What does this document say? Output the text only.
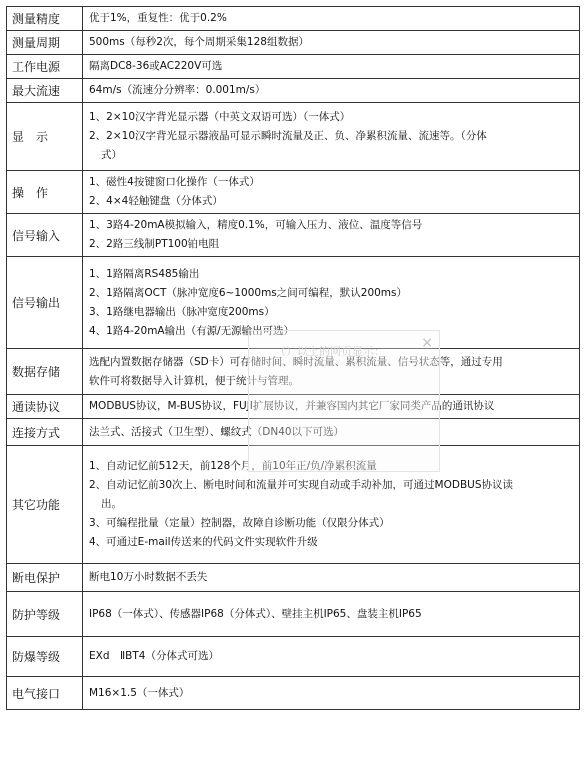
测量精度	优于1%，重复性：优于0.2%

测量周期	500ms（每秒2次，每个周期采集128组数据）

工作电源	隔离DC8-36或AC220V可选

最大流速	64m/s（流速分分辨率：0.001m/s）

显　示	1、2×10汉字背光显示器（中英文双语可选）（一体式）
2、2×10汉字背光显示器液晶可显示瞬时流量及正、负、净累积流量、流速等。（分体
式）

操　作	1、磁性4按键窗口化操作（一体式）
2、4×4轻触键盘（分体式）

信号输入	1、3路4-20mA模拟输入，精度0.1%，可输入压力、液位、温度等信号
2、2路三线制PT100铂电阻

信号输出	1、1路隔离RS485输出
2、1路隔离OCT（脉冲宽度6~1000ms之间可编程，默认200ms）
3、1路继电器输出（脉冲宽度200ms）
4、1路4-20mA输出（有源/无源输出可选）

数据存储	选配内置数据存储器（SD卡）可存储时间、瞬时流量、累积流量、信号状态等，通过专用
软件可将数据导入计算机，便于统计与管理。

通读协议	MODBUS协议，M-BUS协议，FUJI扩展协议，并兼容国内其它厂家同类产品的通讯协议

连接方式	法兰式、活接式（卫生型）、螺纹式（DN40以下可选）

其它功能	1、自动记忆前512天，前128个月，前10年正/负/净累积流量
2、自动记忆前30次上、断电时间和流量并可实现自动或手动补加，可通过MODBUS协议读
出。
3、可编程批量（定量）控制器，故障自诊断功能（仅限分体式）
4、可通过E-mail传送来的代码文件实现软件升级

断电保护	断电10万小时数据不丢失

防护等级	IP68（一体式）、传感器IP68（分体式）、壁挂主机IP65、盘装主机IP65

防爆等级	EXd　ⅡBT4（分体式可选）

电气接口	M16×1.5（一体式）
（）以上的网页显示：
×
